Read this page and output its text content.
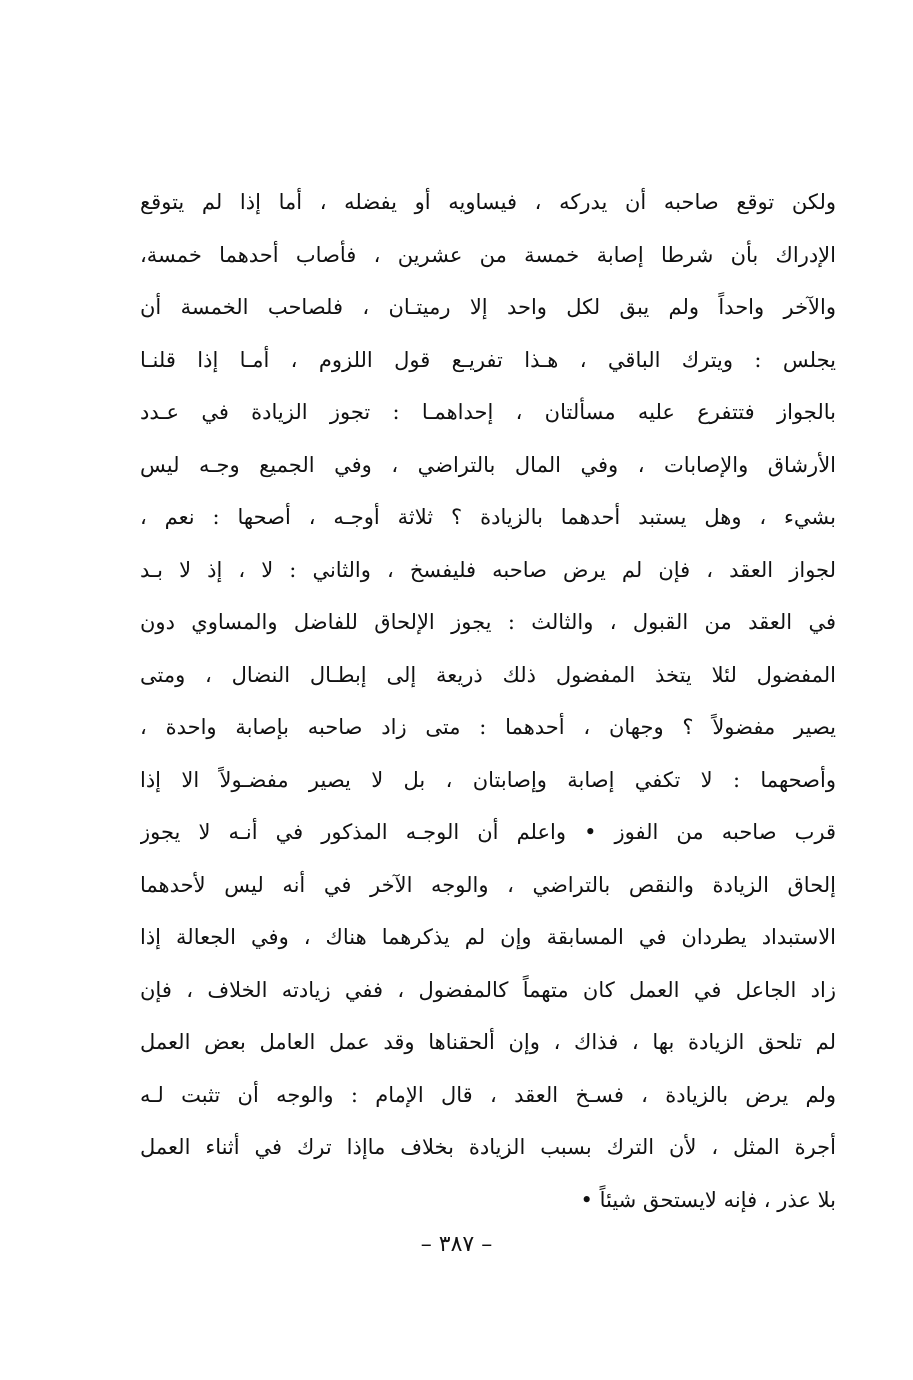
ولكن توقع صاحبه أن يدركه ، فيساويه أو يفضله ، أما إذا لم يتوقع
الإدراك بأن شرطا إصابة خمسة من عشرين ، فأصاب أحدهما خمسة،
والآخر واحداً ولم يبق لكل واحد إلا رميتـان ، فلصاحب الخمسة أن
يجلس : ويترك الباقي ، هـذا تفريـع قول اللزوم ، أمـا إذا قلنـا
بالجواز فتتفرع عليه مسألتان ، إحداهمـا : تجوز الزيادة في عـدد
الأرشاق والإصابات ، وفي المال بالتراضي ، وفي الجميع وجـه ليس
بشيء ، وهل يستبد أحدهما بالزيادة ؟ ثلاثة أوجـه ، أصحها : نعم ،
لجواز العقد ، فإن لم يرض صاحبه فليفسخ ، والثاني : لا ، إذ لا بـد
في العقد من القبول ، والثالث : يجوز الإلحاق للفاضل والمساوي دون
المفضول لئلا يتخذ المفضول ذلك ذريعة إلى إبطـال النضال ، ومتى
يصير مفضولاً ؟ وجهان ، أحدهما : متى زاد صاحبه بإصابة واحدة ،
وأصحهما : لا تكفي إصابة وإصابتان ، بل لا يصير مفضـولاً الا إذا
قرب صاحبه من الفوز • واعلم أن الوجـه المذكور في أنـه لا يجوز
إلحاق الزيادة والنقص بالتراضي ، والوجه الآخر في أنه ليس لأحدهما
الاستبداد يطردان في المسابقة وإن لم يذكرهما هناك ، وفي الجعالة إذا
زاد الجاعل في العمل كان متهماً كالمفضول ، ففي زيادته الخلاف ، فإن
لم تلحق الزيادة بها ، فذاك ، وإن ألحقناها وقد عمل العامل بعض العمل
ولم يرض بالزيادة ، فسـخ العقد ، قال الإمام : والوجه أن تثبت لـه
أجرة المثل ، لأن الترك بسبب الزيادة بخلاف ماإذا ترك في أثناء العمل
بلا عذر ، فإنه لايستحق شيئاً •
– ٣٨٧ –
